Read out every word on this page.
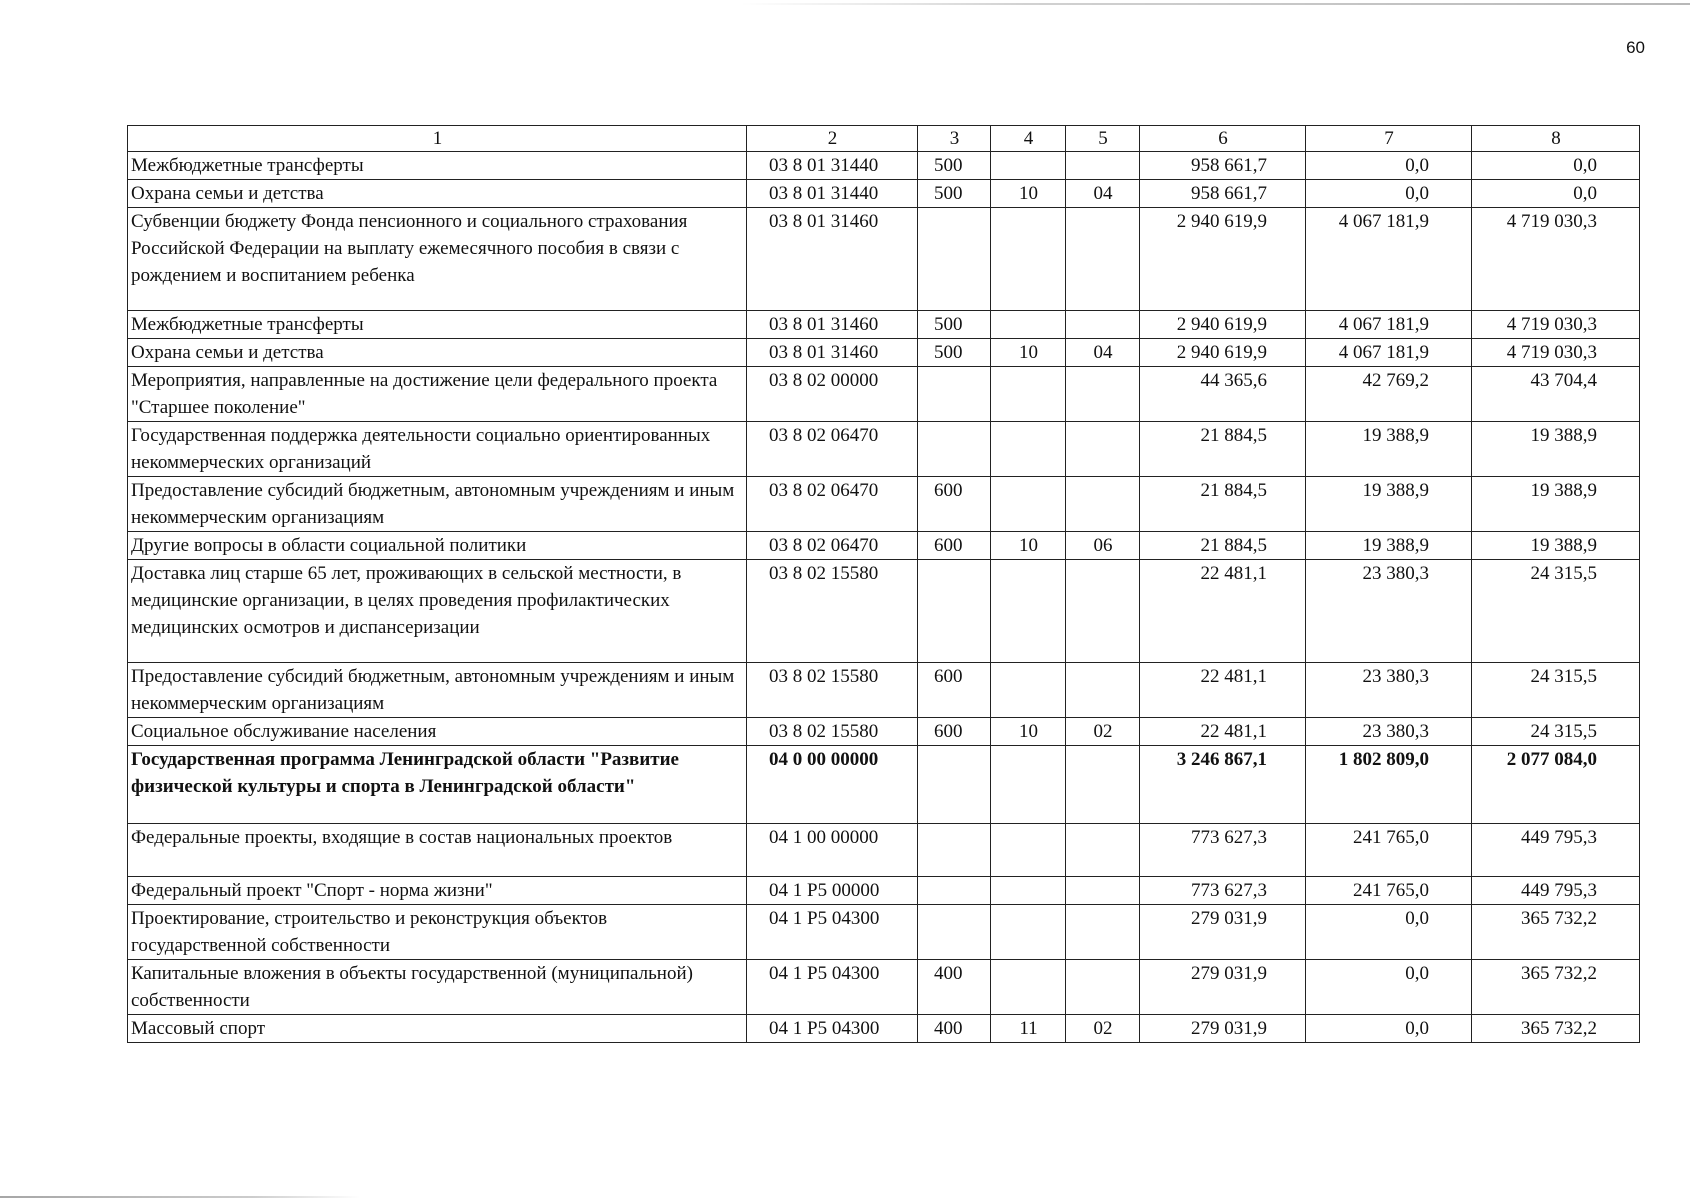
60
1	2	3	4	5	6	7	8
Межбюджетные трансферты	03 8 01 31440	500			958 661,7	0,0	0,0
Охрана семьи и детства	03 8 01 31440	500	10	04	958 661,7	0,0	0,0
Субвенции бюджету Фонда пенсионного и социального страхования Российской Федерации на выплату ежемесячного пособия в связи с рождением и воспитанием ребенка	03 8 01 31460				2 940 619,9	4 067 181,9	4 719 030,3
Межбюджетные трансферты	03 8 01 31460	500			2 940 619,9	4 067 181,9	4 719 030,3
Охрана семьи и детства	03 8 01 31460	500	10	04	2 940 619,9	4 067 181,9	4 719 030,3
Мероприятия, направленные на достижение цели федерального проекта "Старшее поколение"	03 8 02 00000				44 365,6	42 769,2	43 704,4
Государственная поддержка деятельности социально ориентированных некоммерческих организаций	03 8 02 06470				21 884,5	19 388,9	19 388,9
Предоставление субсидий бюджетным, автономным учреждениям и иным некоммерческим организациям	03 8 02 06470	600			21 884,5	19 388,9	19 388,9
Другие вопросы в области социальной политики	03 8 02 06470	600	10	06	21 884,5	19 388,9	19 388,9
Доставка лиц старше 65 лет, проживающих в сельской местности, в медицинские организации, в целях проведения профилактических медицинских осмотров и диспансеризации	03 8 02 15580				22 481,1	23 380,3	24 315,5
Предоставление субсидий бюджетным, автономным учреждениям и иным некоммерческим организациям	03 8 02 15580	600			22 481,1	23 380,3	24 315,5
Социальное обслуживание населения	03 8 02 15580	600	10	02	22 481,1	23 380,3	24 315,5
Государственная программа Ленинградской области "Развитие физической культуры и спорта в Ленинградской области"	04 0 00 00000				3 246 867,1	1 802 809,0	2 077 084,0
Федеральные проекты, входящие в состав национальных проектов	04 1 00 00000				773 627,3	241 765,0	449 795,3
Федеральный проект "Спорт - норма жизни"	04 1 Р5 00000				773 627,3	241 765,0	449 795,3
Проектирование, строительство и реконструкция объектов государственной собственности	04 1 Р5 04300				279 031,9	0,0	365 732,2
Капитальные вложения в объекты государственной (муниципальной) собственности	04 1 Р5 04300	400			279 031,9	0,0	365 732,2
Массовый спорт	04 1 Р5 04300	400	11	02	279 031,9	0,0	365 732,2
